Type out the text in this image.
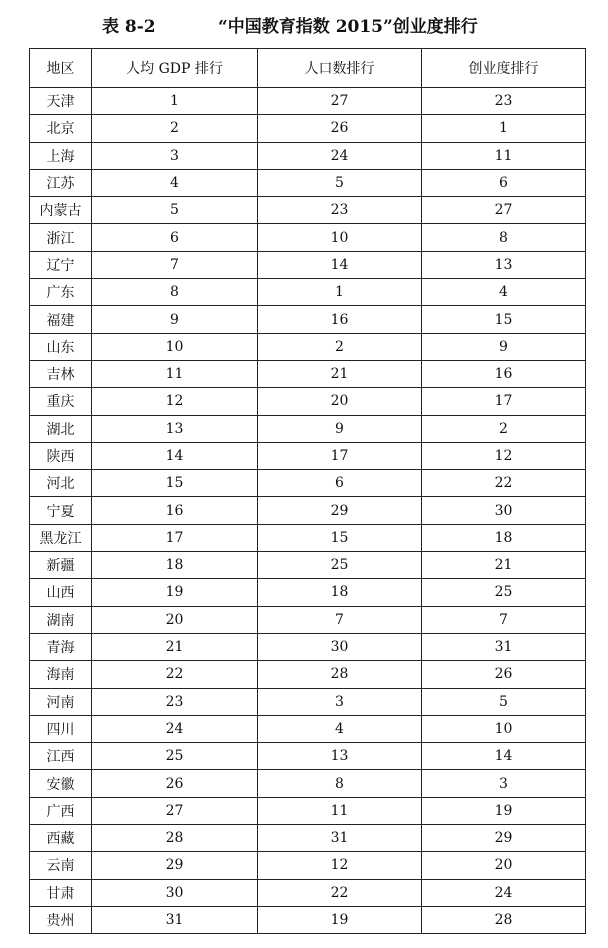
表 8-2	“中国教育指数 2015”创业度排行
地区	人均 GDP 排行	人口数排行	创业度排行
天津	1	27	23
北京	2	26	1
上海	3	24	11
江苏	4	5	6
内蒙古	5	23	27
浙江	6	10	8
辽宁	7	14	13
广东	8	1	4
福建	9	16	15
山东	10	2	9
吉林	11	21	16
重庆	12	20	17
湖北	13	9	2
陕西	14	17	12
河北	15	6	22
宁夏	16	29	30
黑龙江	17	15	18
新疆	18	25	21
山西	19	18	25
湖南	20	7	7
青海	21	30	31
海南	22	28	26
河南	23	3	5
四川	24	4	10
江西	25	13	14
安徽	26	8	3
广西	27	11	19
西藏	28	31	29
云南	29	12	20
甘肃	30	22	24
贵州	31	19	28
